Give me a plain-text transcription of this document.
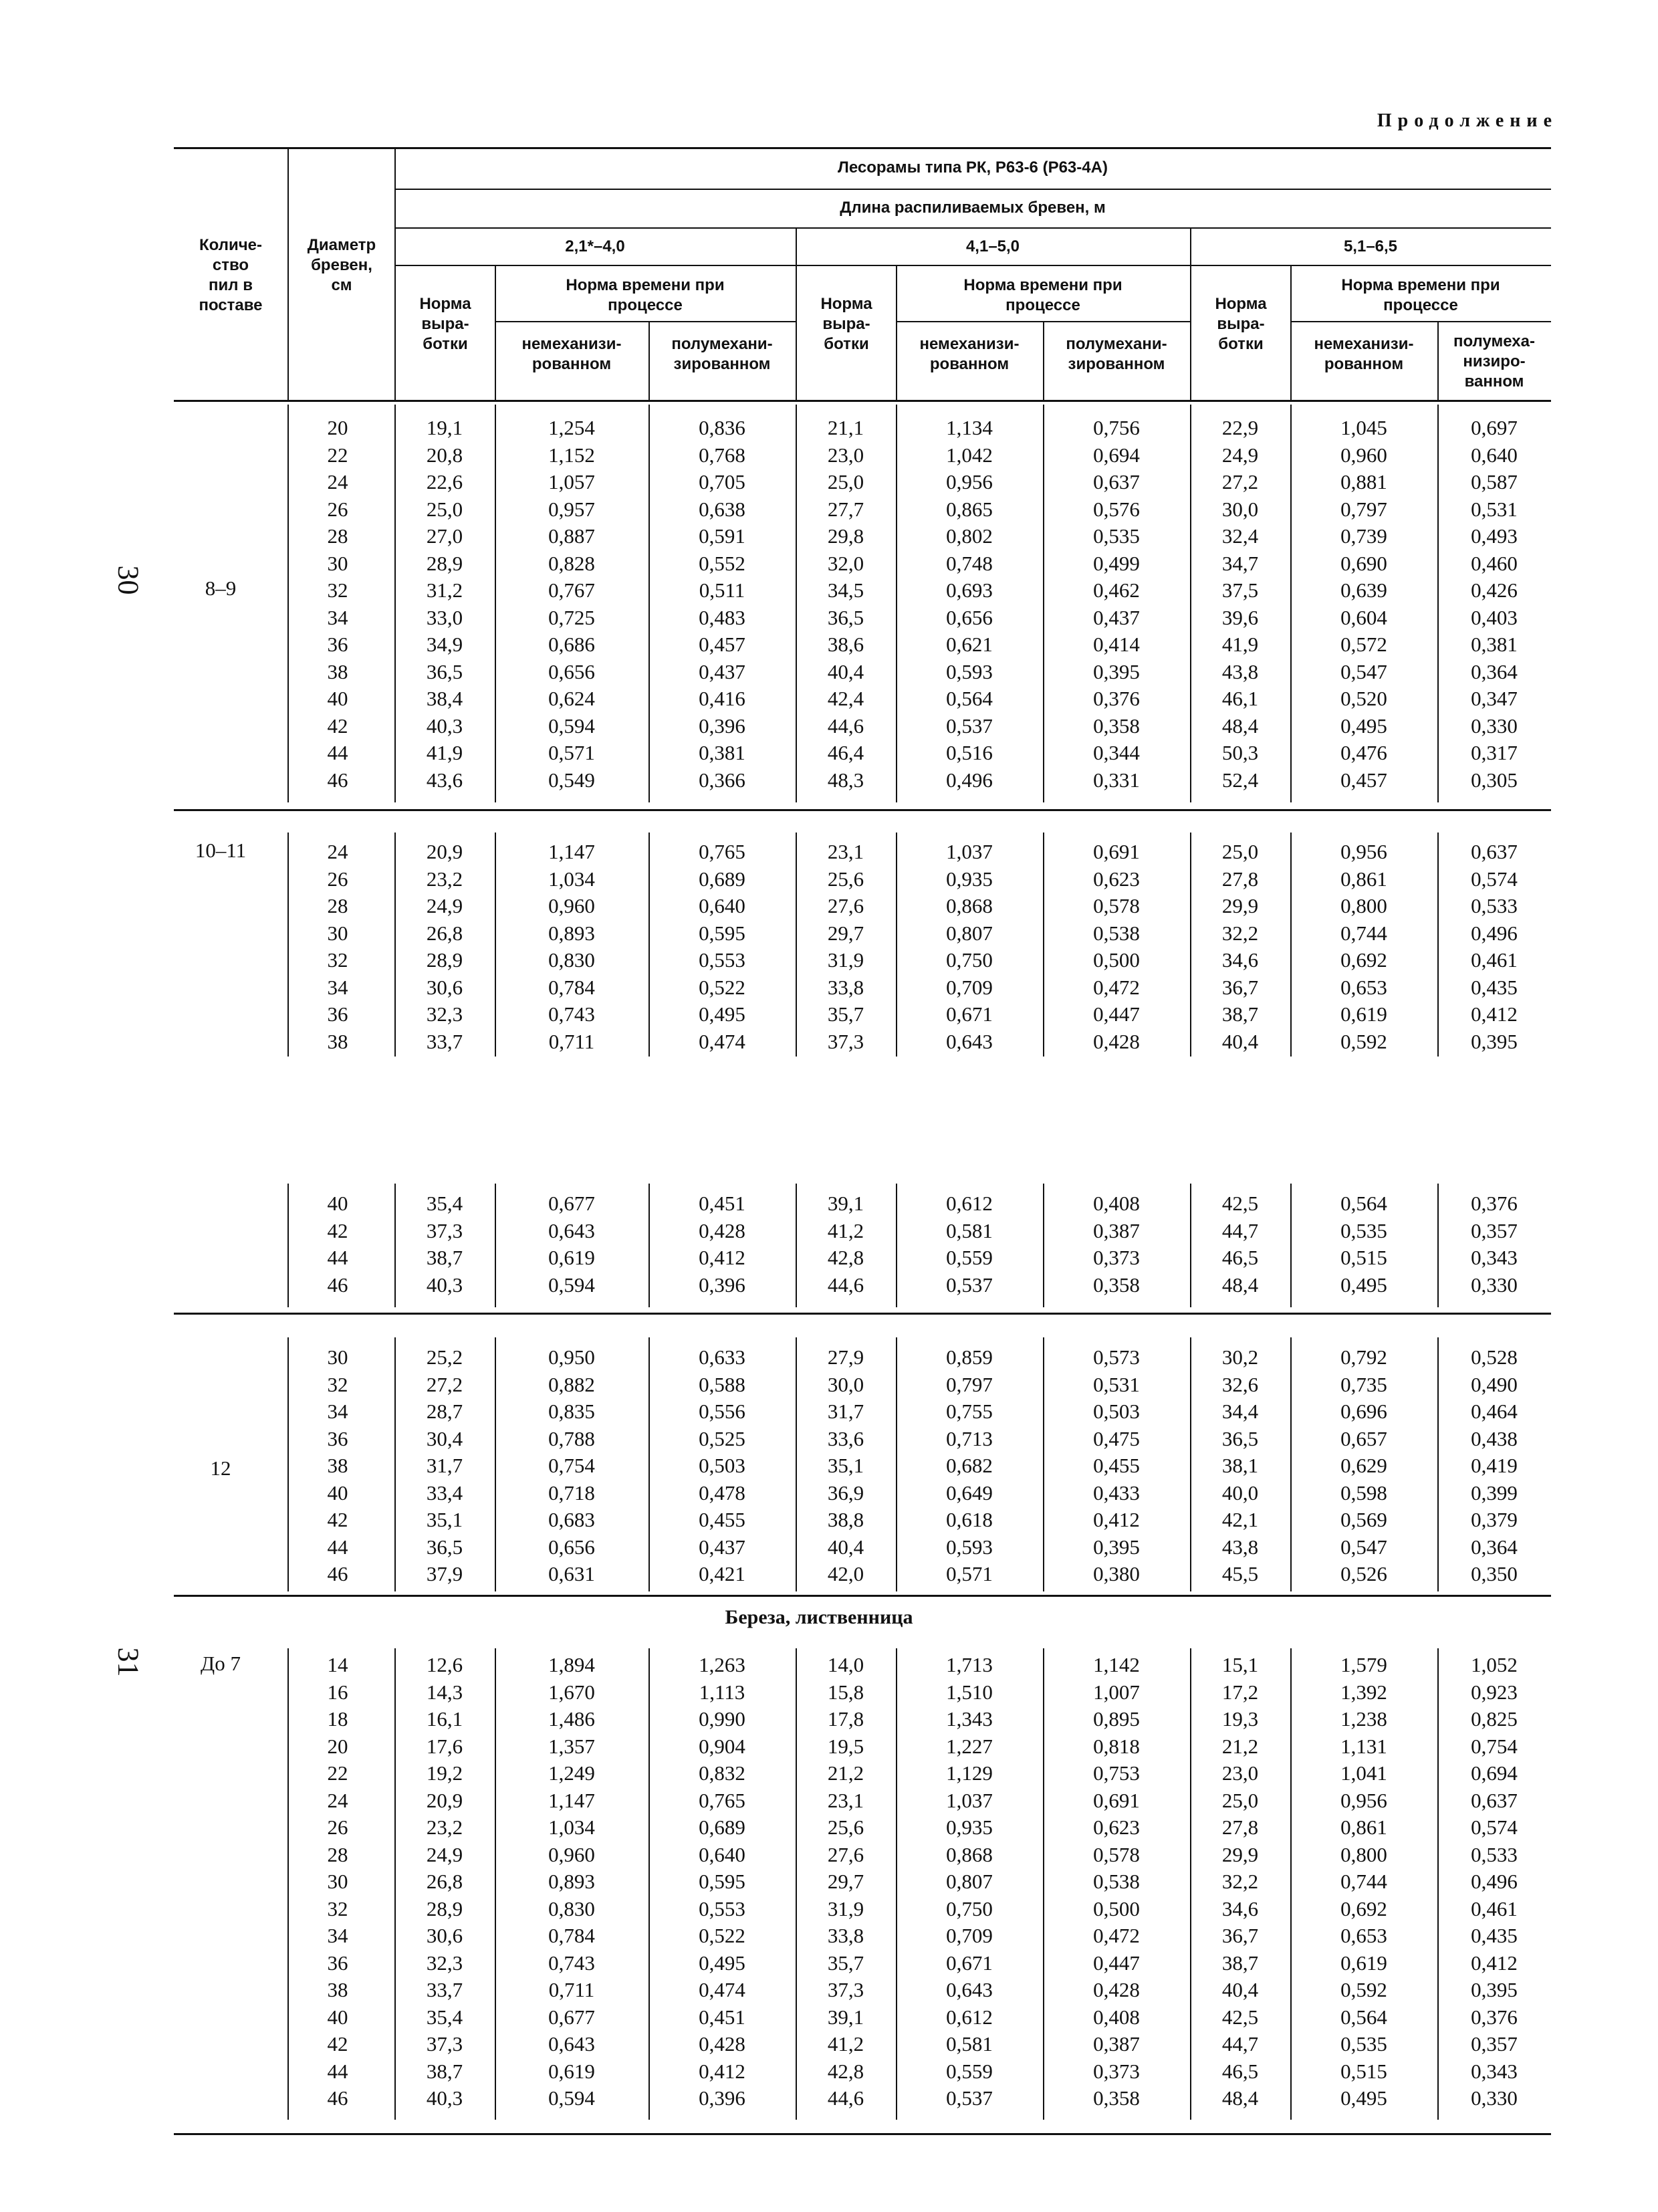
Продолжение
30
31
Количе-
ство
пил в
поставе
Диаметр
бревен,
см
Лесорамы типа РК, Р63-6 (Р63-4А)
Длина распиливаемых бревен, м
2,1*–4,0	4,1–5,0	5,1–6,5
Норма
выра-
ботки
Норма времени при
процессе
немеханизи-
рованном
полумехани-
зированном
Норма
выра-
ботки
Норма времени при
процессе
немеханизи-
рованном
полумехани-
зированном
Норма
выра-
ботки
Норма времени при
процессе
немеханизи-
рованном
полумеха-
низиро-
ванном
Береза, лиственница
8–9
20	19,1	1,254	0,836	21,1	1,134	0,756	22,9	1,045	0,697
22	20,8	1,152	0,768	23,0	1,042	0,694	24,9	0,960	0,640
24	22,6	1,057	0,705	25,0	0,956	0,637	27,2	0,881	0,587
26	25,0	0,957	0,638	27,7	0,865	0,576	30,0	0,797	0,531
28	27,0	0,887	0,591	29,8	0,802	0,535	32,4	0,739	0,493
30	28,9	0,828	0,552	32,0	0,748	0,499	34,7	0,690	0,460
32	31,2	0,767	0,511	34,5	0,693	0,462	37,5	0,639	0,426
34	33,0	0,725	0,483	36,5	0,656	0,437	39,6	0,604	0,403
36	34,9	0,686	0,457	38,6	0,621	0,414	41,9	0,572	0,381
38	36,5	0,656	0,437	40,4	0,593	0,395	43,8	0,547	0,364
40	38,4	0,624	0,416	42,4	0,564	0,376	46,1	0,520	0,347
42	40,3	0,594	0,396	44,6	0,537	0,358	48,4	0,495	0,330
44	41,9	0,571	0,381	46,4	0,516	0,344	50,3	0,476	0,317
46	43,6	0,549	0,366	48,3	0,496	0,331	52,4	0,457	0,305
10–11	24	20,9	1,147	0,765	23,1	1,037	0,691	25,0	0,956	0,637
26	23,2	1,034	0,689	25,6	0,935	0,623	27,8	0,861	0,574
28	24,9	0,960	0,640	27,6	0,868	0,578	29,9	0,800	0,533
30	26,8	0,893	0,595	29,7	0,807	0,538	32,2	0,744	0,496
32	28,9	0,830	0,553	31,9	0,750	0,500	34,6	0,692	0,461
34	30,6	0,784	0,522	33,8	0,709	0,472	36,7	0,653	0,435
36	32,3	0,743	0,495	35,7	0,671	0,447	38,7	0,619	0,412
38	33,7	0,711	0,474	37,3	0,643	0,428	40,4	0,592	0,395
40	35,4	0,677	0,451	39,1	0,612	0,408	42,5	0,564	0,376
42	37,3	0,643	0,428	41,2	0,581	0,387	44,7	0,535	0,357
44	38,7	0,619	0,412	42,8	0,559	0,373	46,5	0,515	0,343
46	40,3	0,594	0,396	44,6	0,537	0,358	48,4	0,495	0,330
12
30	25,2	0,950	0,633	27,9	0,859	0,573	30,2	0,792	0,528
32	27,2	0,882	0,588	30,0	0,797	0,531	32,6	0,735	0,490
34	28,7	0,835	0,556	31,7	0,755	0,503	34,4	0,696	0,464
36	30,4	0,788	0,525	33,6	0,713	0,475	36,5	0,657	0,438
38	31,7	0,754	0,503	35,1	0,682	0,455	38,1	0,629	0,419
40	33,4	0,718	0,478	36,9	0,649	0,433	40,0	0,598	0,399
42	35,1	0,683	0,455	38,8	0,618	0,412	42,1	0,569	0,379
44	36,5	0,656	0,437	40,4	0,593	0,395	43,8	0,547	0,364
46	37,9	0,631	0,421	42,0	0,571	0,380	45,5	0,526	0,350
До 7	14	12,6	1,894	1,263	14,0	1,713	1,142	15,1	1,579	1,052
16	14,3	1,670	1,113	15,8	1,510	1,007	17,2	1,392	0,923
18	16,1	1,486	0,990	17,8	1,343	0,895	19,3	1,238	0,825
20	17,6	1,357	0,904	19,5	1,227	0,818	21,2	1,131	0,754
22	19,2	1,249	0,832	21,2	1,129	0,753	23,0	1,041	0,694
24	20,9	1,147	0,765	23,1	1,037	0,691	25,0	0,956	0,637
26	23,2	1,034	0,689	25,6	0,935	0,623	27,8	0,861	0,574
28	24,9	0,960	0,640	27,6	0,868	0,578	29,9	0,800	0,533
30	26,8	0,893	0,595	29,7	0,807	0,538	32,2	0,744	0,496
32	28,9	0,830	0,553	31,9	0,750	0,500	34,6	0,692	0,461
34	30,6	0,784	0,522	33,8	0,709	0,472	36,7	0,653	0,435
36	32,3	0,743	0,495	35,7	0,671	0,447	38,7	0,619	0,412
38	33,7	0,711	0,474	37,3	0,643	0,428	40,4	0,592	0,395
40	35,4	0,677	0,451	39,1	0,612	0,408	42,5	0,564	0,376
42	37,3	0,643	0,428	41,2	0,581	0,387	44,7	0,535	0,357
44	38,7	0,619	0,412	42,8	0,559	0,373	46,5	0,515	0,343
46	40,3	0,594	0,396	44,6	0,537	0,358	48,4	0,495	0,330
